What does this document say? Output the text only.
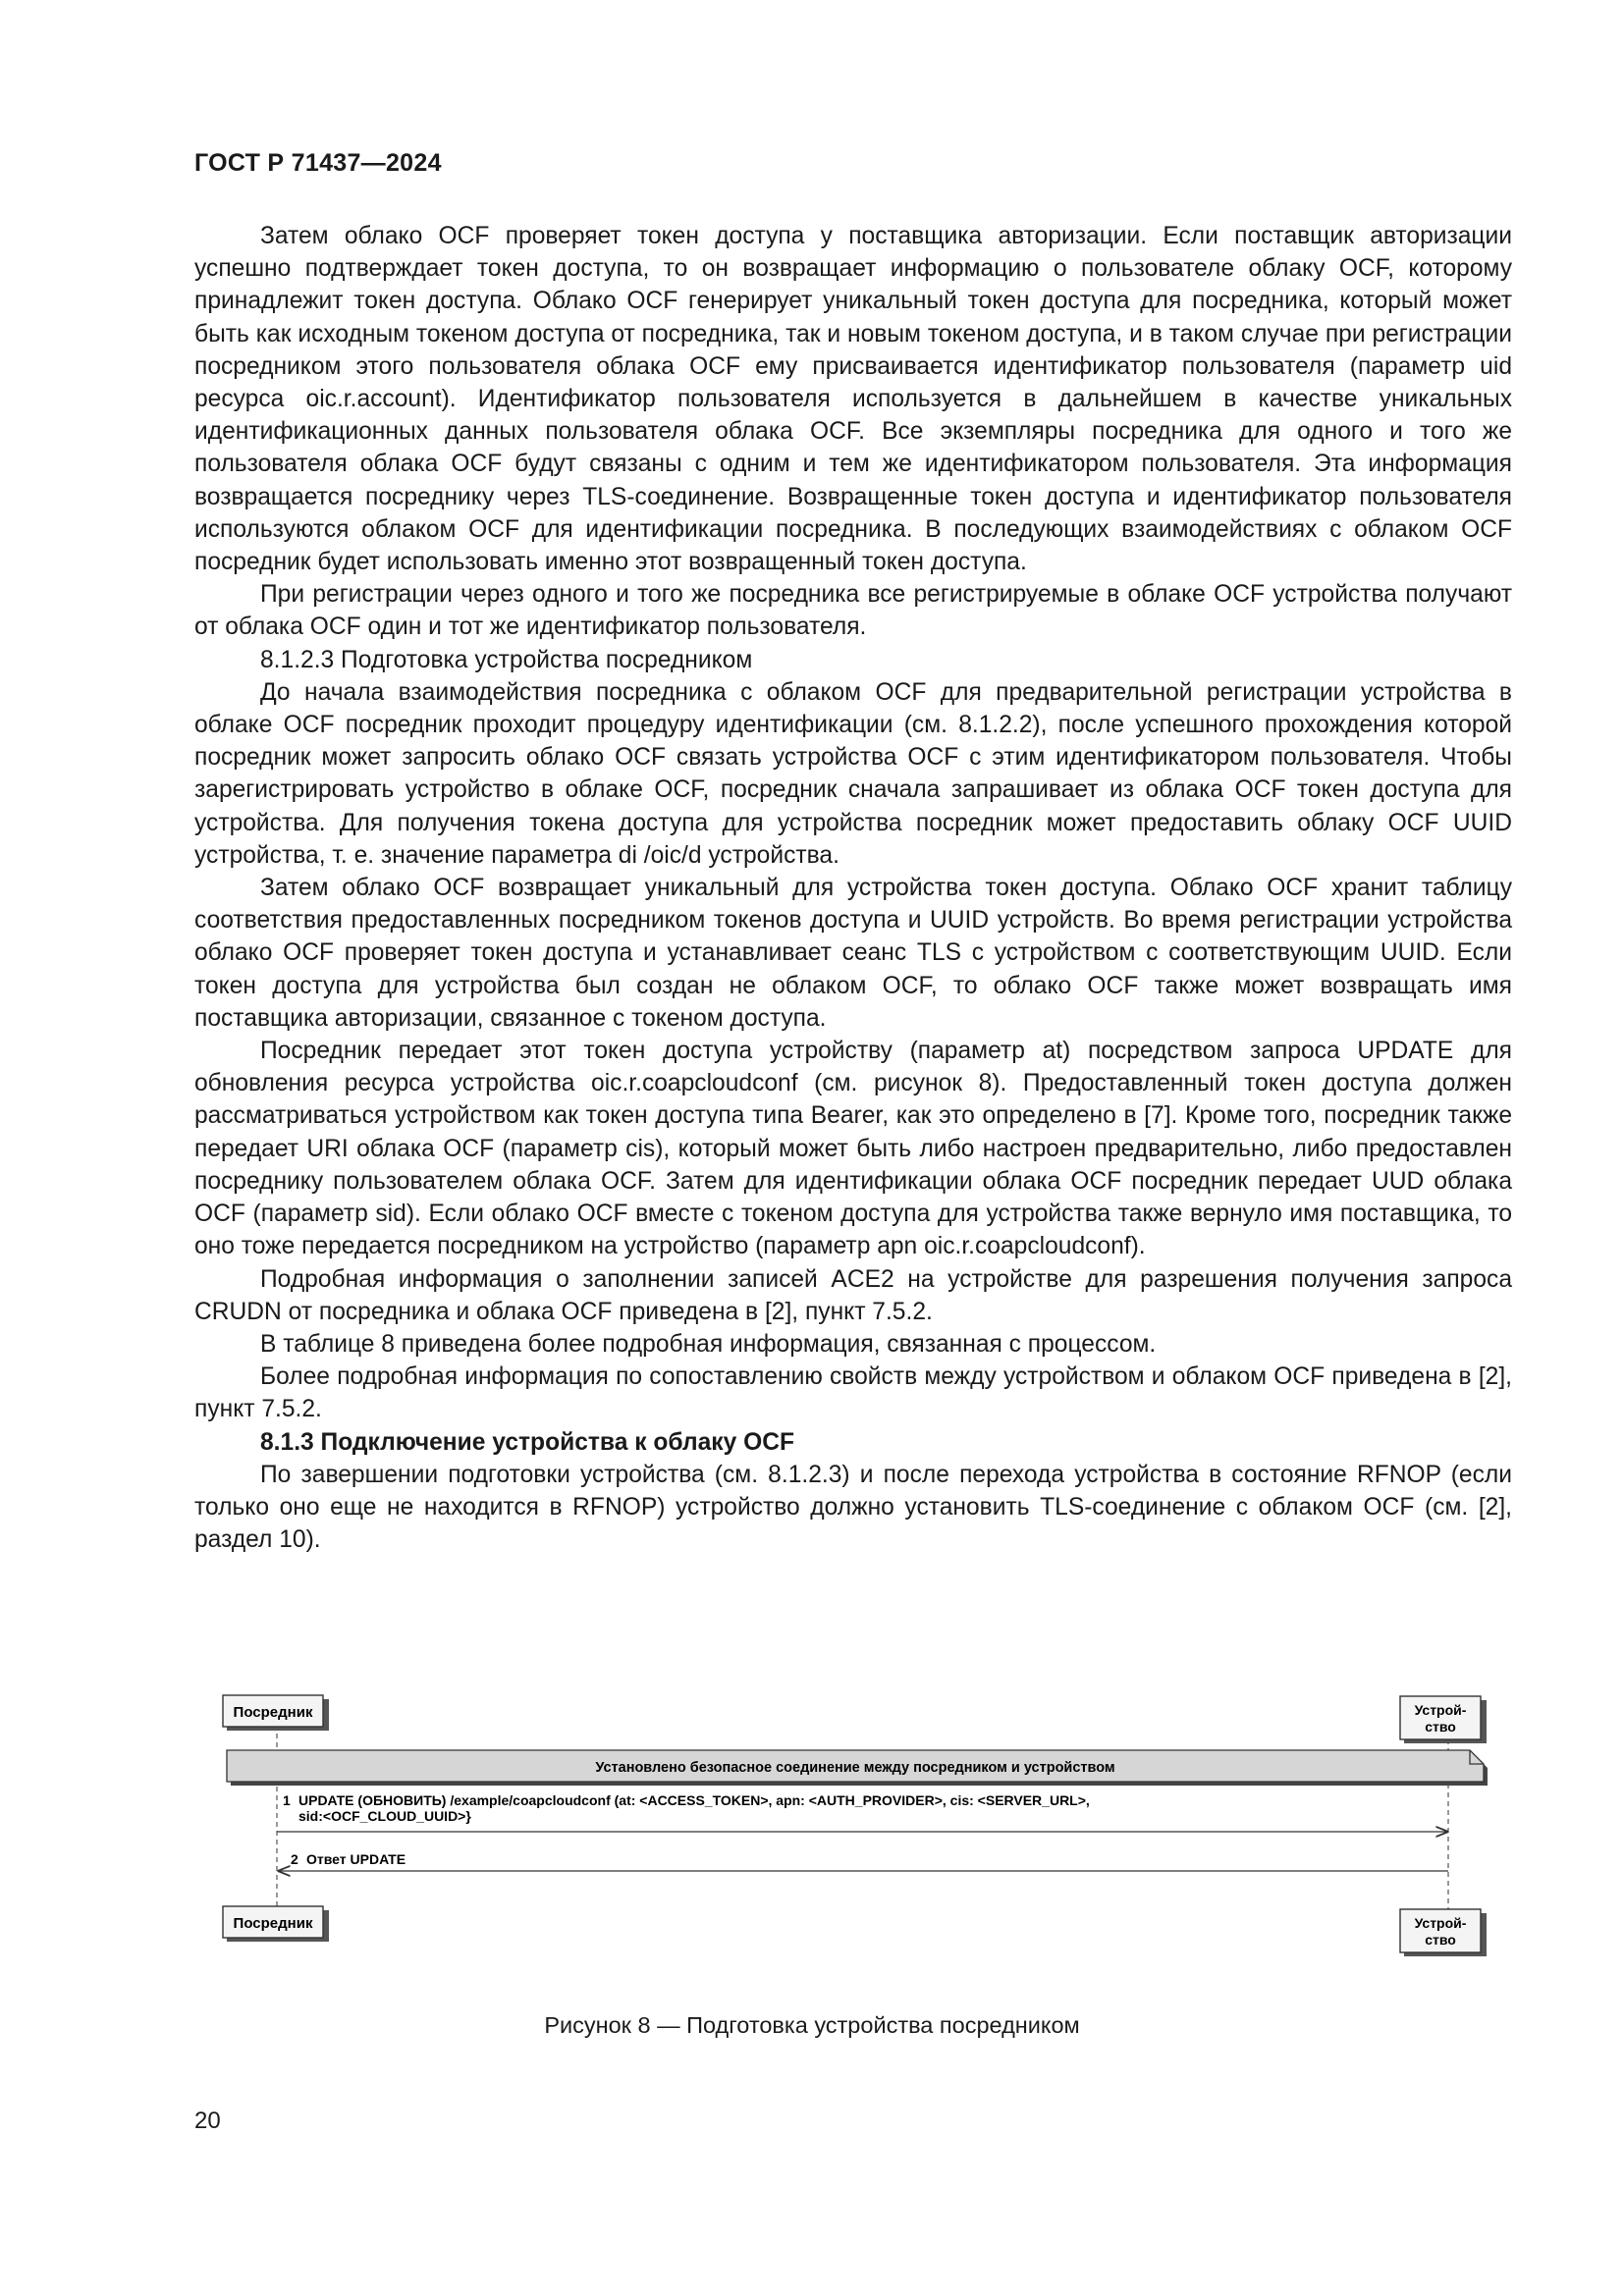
ГОСТ Р 71437—2024

Затем облако OCF проверяет токен доступа у поставщика авторизации. Если поставщик авторизации успешно подтверждает токен доступа, то он возвращает информацию о пользователе облаку OCF, которому принадлежит токен доступа. Облако OCF генерирует уникальный токен доступа для посредника, который может быть как исходным токеном доступа от посредника, так и новым токеном доступа, и в таком случае при регистрации посредником этого пользователя облака OCF ему присваивается идентификатор пользователя (параметр uid ресурса oic.r.account). Идентификатор пользователя используется в дальнейшем в качестве уникальных идентификационных данных пользователя облака OCF. Все экземпляры посредника для одного и того же пользователя облака OCF будут связаны с одним и тем же идентификатором пользователя. Эта информация возвращается посреднику через TLS-соединение. Возвращенные токен доступа и идентификатор пользователя используются облаком OCF для идентификации посредника. В последующих взаимодействиях с облаком OCF посредник будет использовать именно этот возвращенный токен доступа.

При регистрации через одного и того же посредника все регистрируемые в облаке OCF устройства получают от облака OCF один и тот же идентификатор пользователя.

8.1.2.3 Подготовка устройства посредником

До начала взаимодействия посредника с облаком OCF для предварительной регистрации устройства в облаке OCF посредник проходит процедуру идентификации (см. 8.1.2.2), после успешного прохождения которой посредник может запросить облако OCF связать устройства OCF с этим идентификатором пользователя. Чтобы зарегистрировать устройство в облаке OCF, посредник сначала запрашивает из облака OCF токен доступа для устройства. Для получения токена доступа для устройства посредник может предоставить облаку OCF UUID устройства, т. е. значение параметра di /oic/d устройства.

Затем облако OCF возвращает уникальный для устройства токен доступа. Облако OCF хранит таблицу соответствия предоставленных посредником токенов доступа и UUID устройств. Во время регистрации устройства облако OCF проверяет токен доступа и устанавливает сеанс TLS с устройством с соответствующим UUID. Если токен доступа для устройства был создан не облаком OCF, то облако OCF также может возвращать имя поставщика авторизации, связанное с токеном доступа.

Посредник передает этот токен доступа устройству (параметр at) посредством запроса UPDATE для обновления ресурса устройства oic.r.coapcloudconf (см. рисунок 8). Предоставленный токен доступа должен рассматриваться устройством как токен доступа типа Bearer, как это определено в [7]. Кроме того, посредник также передает URI облака OCF (параметр cis), который может быть либо настроен предварительно, либо предоставлен посреднику пользователем облака OCF. Затем для идентификации облака OCF посредник передает UUD облака OCF (параметр sid). Если облако OCF вместе с токеном доступа для устройства также вернуло имя поставщика, то оно тоже передается посредником на устройство (параметр apn oic.r.coapcloudconf).

Подробная информация о заполнении записей ACE2 на устройстве для разрешения получения запроса CRUDN от посредника и облака OCF приведена в [2], пункт 7.5.2.

В таблице 8 приведена более подробная информация, связанная с процессом.

Более подробная информация по сопоставлению свойств между устройством и облаком OCF приведена в [2], пункт 7.5.2.

8.1.3 Подключение устройства к облаку OCF

По завершении подготовки устройства (см. 8.1.2.3) и после перехода устройства в состояние RFNOP (если только оно еще не находится в RFNOP) устройство должно установить TLS-соединение с облаком OCF (см. [2], раздел 10).

Посредник	Устрой-
ство
Установлено безопасное соединение между посредником и устройством
1 UPDATE (ОБНОВИТЬ) /example/coapcloudconf (at: <ACCESS_TOKEN>, apn: <AUTH_PROVIDER>, cis: <SERVER_URL>,
sid:<OCF_CLOUD_UUID>}
2 Ответ UPDATE
Посредник	Устрой-
ство
Рисунок 8 — Подготовка устройства посредником
20
